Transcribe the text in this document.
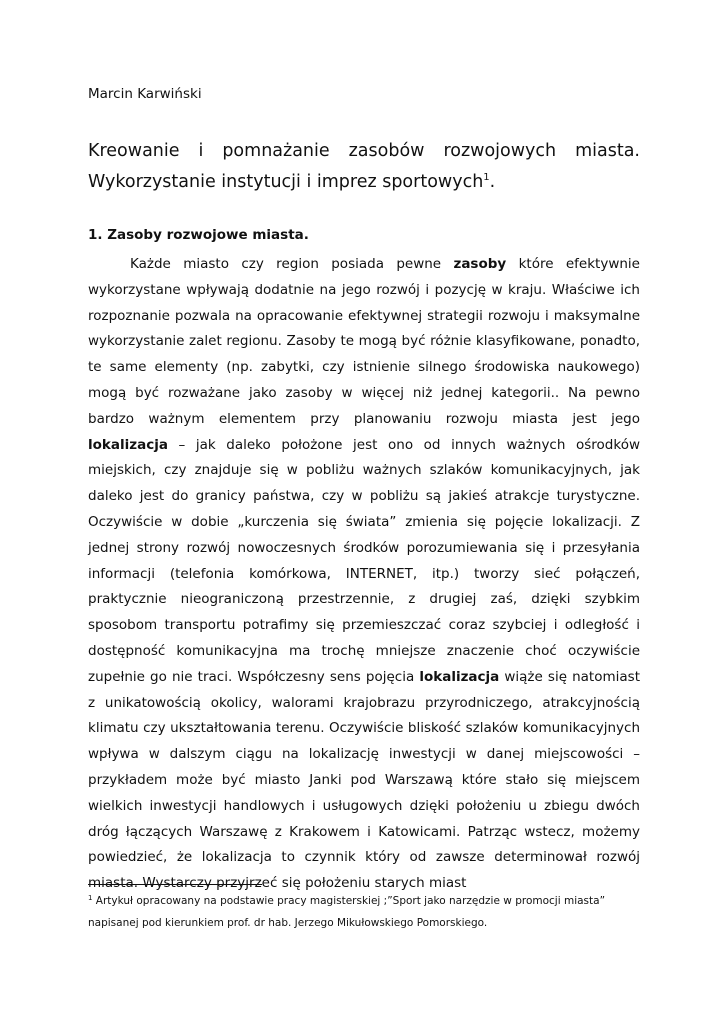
Marcin Karwiński
Kreowanie i pomnażanie zasobów rozwojowych miasta. Wykorzystanie instytucji i imprez sportowych$^1$.
1. Zasoby rozwojowe miasta.

Każde miasto czy region posiada pewne zasoby które efektywnie wykorzystane wpływają dodatnie na jego rozwój i pozycję w kraju. Właściwe ich rozpoznanie pozwala na opracowanie efektywnej strategii rozwoju i maksymalne wykorzystanie zalet regionu. Zasoby te mogą być różnie klasyfikowane, ponadto, te same elementy (np. zabytki, czy istnienie silnego środowiska naukowego) mogą być rozważane jako zasoby w więcej niż jednej kategorii.. Na pewno bardzo ważnym elementem przy planowaniu rozwoju miasta jest jego lokalizacja – jak daleko położone jest ono od innych ważnych ośrodków miejskich, czy znajduje się w pobliżu ważnych szlaków komunikacyjnych, jak daleko jest do granicy państwa, czy w pobliżu są jakieś atrakcje turystyczne. Oczywiście w dobie „kurczenia się świata” zmienia się pojęcie lokalizacji. Z jednej strony rozwój nowoczesnych środków porozumiewania się i przesyłania informacji (telefonia komórkowa, INTERNET, itp.) tworzy sieć połączeń, praktycznie nieograniczoną przestrzennie, z drugiej zaś, dzięki szybkim sposobom transportu potrafimy się przemieszczać coraz szybciej i odległość i dostępność komunikacyjna ma trochę mniejsze znaczenie choć oczywiście zupełnie go nie traci. Współczesny sens pojęcia lokalizacja wiąże się natomiast z unikatowością okolicy, walorami krajobrazu przyrodniczego, atrakcyjnością klimatu czy ukształtowania terenu. Oczywiście bliskość szlaków komunikacyjnych wpływa w dalszym ciągu na lokalizację inwestycji w danej miejscowości – przykładem może być miasto Janki pod Warszawą które stało się miejscem wielkich inwestycji handlowych i usługowych dzięki położeniu u zbiegu dwóch dróg łączących Warszawę z Krakowem i Katowicami. Patrząc wstecz, możemy powiedzieć, że lokalizacja to czynnik który od zawsze determinował rozwój miasta. Wystarczy przyjrzeć się położeniu starych miast

$^1$ Artykuł opracowany na podstawie pracy magisterskiej ;”Sport jako narzędzie w promocji miasta” napisanej pod kierunkiem prof. dr hab. Jerzego Mikułowskiego Pomorskiego.
